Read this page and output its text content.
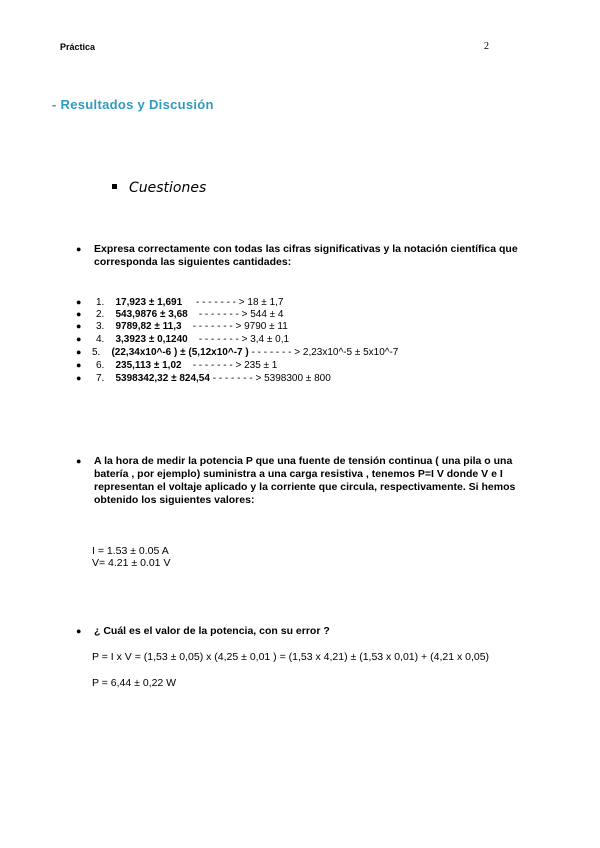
Práctica	2
- Resultados y Discusión
Cuestiones
● Expresa correctamente con todas las cifras significativas y la notación científica que corresponda las siguientes cantidades:
● 1. 17,923 ± 1,691 - - - - - - - > 18 ± 1,7
● 2. 543,9876 ± 3,68 - - - - - - - > 544 ± 4
● 3. 9789,82 ± 11,3 - - - - - - - > 9790 ± 11
● 4. 3,3923 ± 0,1240 - - - - - - - > 3,4 ± 0,1
● 5. (22,34x10^-6 ) ± (5,12x10^-7 ) - - - - - - - > 2,23x10^-5 ± 5x10^-7
● 6. 235,113 ± 1,02 - - - - - - - > 235 ± 1
● 7. 5398342,32 ± 824,54 - - - - - - - > 5398300 ± 800
● A la hora de medir la potencia P que una fuente de tensión continua ( una pila o una batería , por ejemplo) suministra a una carga resistiva , tenemos P=I V donde V e I representan el voltaje aplicado y la corriente que circula, respectivamente. Si hemos obtenido los siguientes valores:
I = 1.53 ± 0.05 A
V= 4.21 ± 0.01 V
● ¿ Cuál es el valor de la potencia, con su error ?
P = I x V = (1,53 ± 0,05) x (4,25 ± 0,01 ) = (1,53 x 4,21) ± (1,53 x 0,01) + (4,21 x 0,05)
P = 6,44 ± 0,22 W
